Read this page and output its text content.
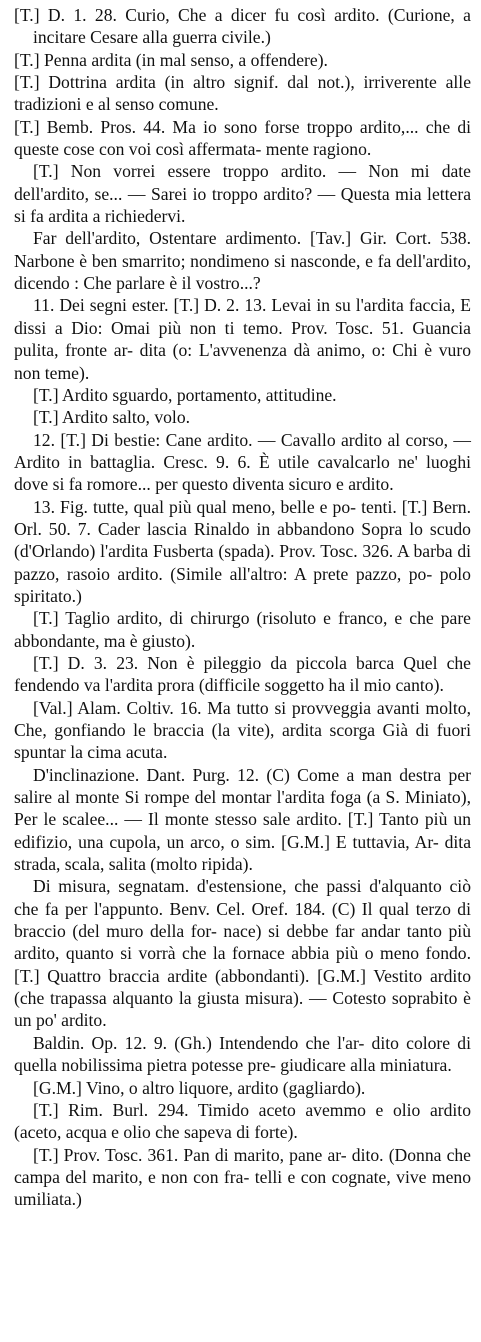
[T.] D. 1. 28. Curio, Che a dicer fu così ardito. (Curione, a incitare Cesare alla guerra civile.)

[T.] Penna ardita (in mal senso, a offendere).

[T.] Dottrina ardita (in altro signif. dal not.), irriverente alle tradizioni e al senso comune.

[T.] Bemb. Pros. 44. Ma io sono forse troppo ardito,... che di queste cose con voi così affermata- mente ragiono.

[T.] Non vorrei essere troppo ardito. — Non mi date dell'ardito, se... — Sarei io troppo ardito? — Questa mia lettera si fa ardita a richiedervi.

Far dell'ardito, Ostentare ardimento. [Tav.] Gir. Cort. 538. Narbone è ben smarrito; nondimeno si nasconde, e fa dell'ardito, dicendo : Che parlare è il vostro...?

11. Dei segni ester. [T.] D. 2. 13. Levai in su l'ardita faccia, E dissi a Dio: Omai più non ti temo. Prov. Tosc. 51. Guancia pulita, fronte ar- dita (o: L'avvenenza dà animo, o: Chi è vuro non teme).

[T.] Ardito sguardo, portamento, attitudine.

[T.] Ardito salto, volo.

12. [T.] Di bestie: Cane ardito. — Cavallo ardito al corso, — Ardito in battaglia. Cresc. 9. 6. È utile cavalcarlo ne' luoghi dove si fa romore... per questo diventa sicuro e ardito.

13. Fig. tutte, qual più qual meno, belle e po- tenti. [T.] Bern. Orl. 50. 7. Cader lascia Rinaldo in abbandono Sopra lo scudo (d'Orlando) l'ardita Fusberta (spada). Prov. Tosc. 326. A barba di pazzo, rasoio ardito. (Simile all'altro: A prete pazzo, po- polo spiritato.)

[T.] Taglio ardito, di chirurgo (risoluto e franco, e che pare abbondante, ma è giusto).

[T.] D. 3. 23. Non è pileggio da piccola barca Quel che fendendo va l'ardita prora (difficile soggetto ha il mio canto).

[Val.] Alam. Coltiv. 16. Ma tutto si provveggia avanti molto, Che, gonfiando le braccia (la vite), ardita scorga Già di fuori spuntar la cima acuta.

D'inclinazione. Dant. Purg. 12. (C) Come a man destra per salire al monte Si rompe del montar l'ardita foga (a S. Miniato), Per le scalee... — Il monte stesso sale ardito. [T.] Tanto più un edifizio, una cupola, un arco, o sim. [G.M.] E tuttavia, Ar- dita strada, scala, salita (molto ripida).

Di misura, segnatam. d'estensione, che passi d'alquanto ciò che fa per l'appunto. Benv. Cel. Oref. 184. (C) Il qual terzo di braccio (del muro della for- nace) si debbe far andar tanto più ardito, quanto si vorrà che la fornace abbia più o meno fondo. [T.] Quattro braccia ardite (abbondanti). [G.M.] Vestito ardito (che trapassa alquanto la giusta misura). — Cotesto soprabito è un po' ardito.

Baldin. Op. 12. 9. (Gh.) Intendendo che l'ar- dito colore di quella nobilissima pietra potesse pre- giudicare alla miniatura.

[G.M.] Vino, o altro liquore, ardito (gagliardo).

[T.] Rim. Burl. 294. Timido aceto avemmo e olio ardito (aceto, acqua e olio che sapeva di forte).

[T.] Prov. Tosc. 361. Pan di marito, pane ar- dito. (Donna che campa del marito, e non con fra- telli e con cognate, vive meno umiliata.)
